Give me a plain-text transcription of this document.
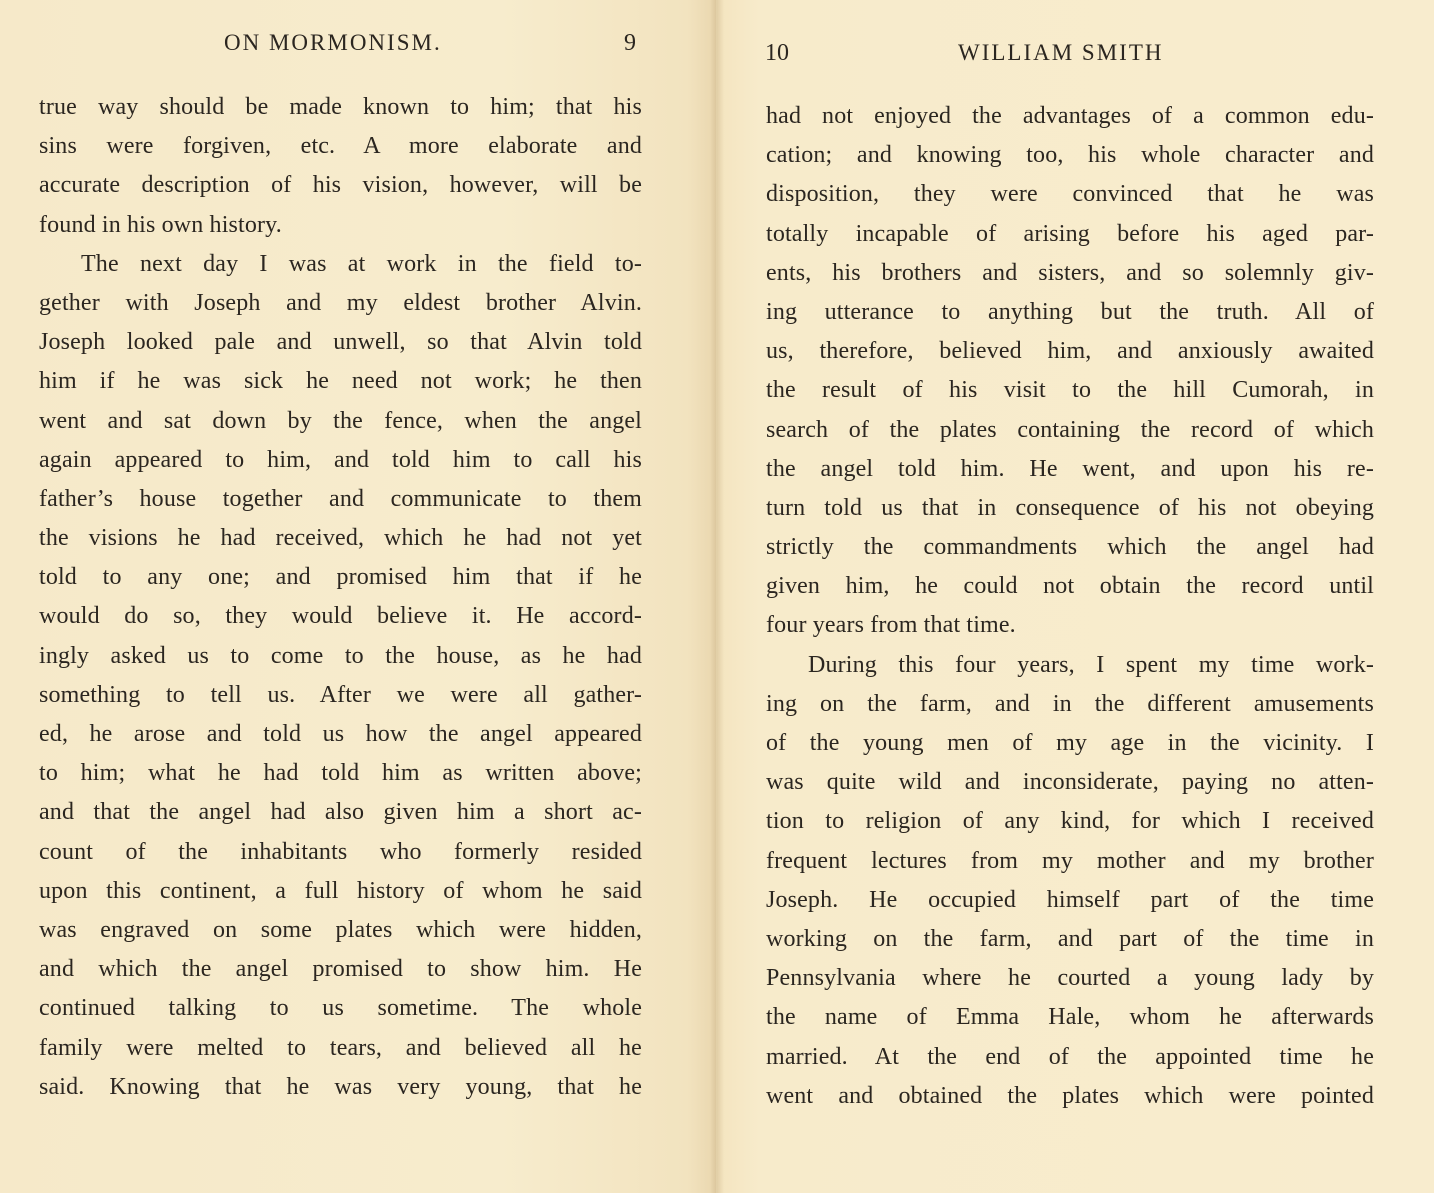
ON MORMONISM.	9
true way should be made known to him; that his
sins were forgiven, etc. A more elaborate and
accurate description of his vision, however, will be
found in his own history.
The next day I was at work in the field to-
gether with Joseph and my eldest brother Alvin.
Joseph looked pale and unwell, so that Alvin told
him if he was sick he need not work; he then
went and sat down by the fence, when the angel
again appeared to him, and told him to call his
father’s house together and communicate to them
the visions he had received, which he had not yet
told to any one; and promised him that if he
would do so, they would believe it. He accord-
ingly asked us to come to the house, as he had
something to tell us. After we were all gather-
ed, he arose and told us how the angel appeared
to him; what he had told him as written above;
and that the angel had also given him a short ac-
count of the inhabitants who formerly resided
upon this continent, a full history of whom he said
was engraved on some plates which were hidden,
and which the angel promised to show him. He
continued talking to us sometime. The whole
family were melted to tears, and believed all he
said. Knowing that he was very young, that he
10	WILLIAM SMITH
had not enjoyed the advantages of a common edu-
cation; and knowing too, his whole character and
disposition, they were convinced that he was
totally incapable of arising before his aged par-
ents, his brothers and sisters, and so solemnly giv-
ing utterance to anything but the truth. All of
us, therefore, believed him, and anxiously awaited
the result of his visit to the hill Cumorah, in
search of the plates containing the record of which
the angel told him. He went, and upon his re-
turn told us that in consequence of his not obeying
strictly the commandments which the angel had
given him, he could not obtain the record until
four years from that time.
During this four years, I spent my time work-
ing on the farm, and in the different amusements
of the young men of my age in the vicinity. I
was quite wild and inconsiderate, paying no atten-
tion to religion of any kind, for which I received
frequent lectures from my mother and my brother
Joseph. He occupied himself part of the time
working on the farm, and part of the time in
Pennsylvania where he courted a young lady by
the name of Emma Hale, whom he afterwards
married. At the end of the appointed time he
went and obtained the plates which were pointed
